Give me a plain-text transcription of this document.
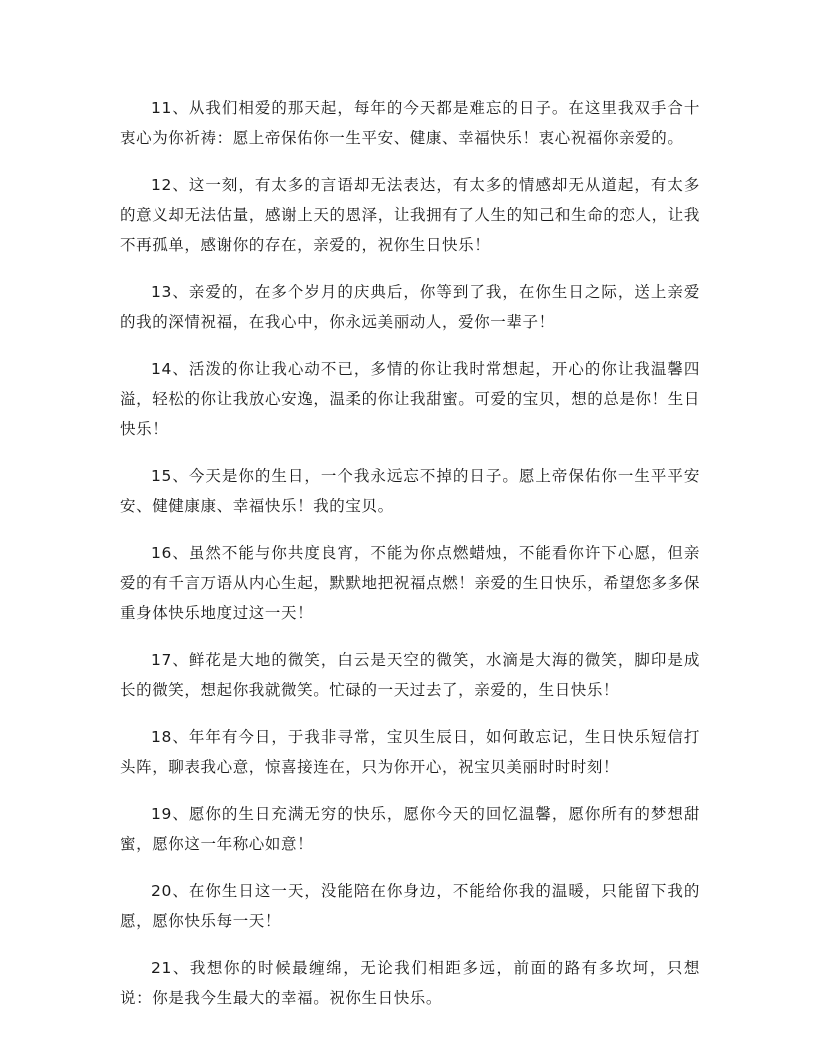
11、从我们相爱的那天起，每年的今天都是难忘的日子。在这里我双手合十衷心为你祈祷：愿上帝保佑你一生平安、健康、幸福快乐！衷心祝福你亲爱的。

12、这一刻，有太多的言语却无法表达，有太多的情感却无从道起，有太多的意义却无法估量，感谢上天的恩泽，让我拥有了人生的知己和生命的恋人，让我不再孤单，感谢你的存在，亲爱的，祝你生日快乐！

13、亲爱的，在多个岁月的庆典后，你等到了我，在你生日之际，送上亲爱的我的深情祝福，在我心中，你永远美丽动人，爱你一辈子！

14、活泼的你让我心动不已，多情的你让我时常想起，开心的你让我温馨四溢，轻松的你让我放心安逸，温柔的你让我甜蜜。可爱的宝贝，想的总是你！生日快乐！

15、今天是你的生日，一个我永远忘不掉的日子。愿上帝保佑你一生平平安安、健健康康、幸福快乐！我的宝贝。

16、虽然不能与你共度良宵，不能为你点燃蜡烛，不能看你许下心愿，但亲爱的有千言万语从内心生起，默默地把祝福点燃！亲爱的生日快乐，希望您多多保重身体快乐地度过这一天！

17、鲜花是大地的微笑，白云是天空的微笑，水滴是大海的微笑，脚印是成长的微笑，想起你我就微笑。忙碌的一天过去了，亲爱的，生日快乐！

18、年年有今日，于我非寻常，宝贝生辰日，如何敢忘记，生日快乐短信打头阵，聊表我心意，惊喜接连在，只为你开心，祝宝贝美丽时时时刻！

19、愿你的生日充满无穷的快乐，愿你今天的回忆温馨，愿你所有的梦想甜蜜，愿你这一年称心如意！

20、在你生日这一天，没能陪在你身边，不能给你我的温暖，只能留下我的愿，愿你快乐每一天！

21、我想你的时候最缠绵，无论我们相距多远，前面的路有多坎坷，只想说：你是我今生最大的幸福。祝你生日快乐。
